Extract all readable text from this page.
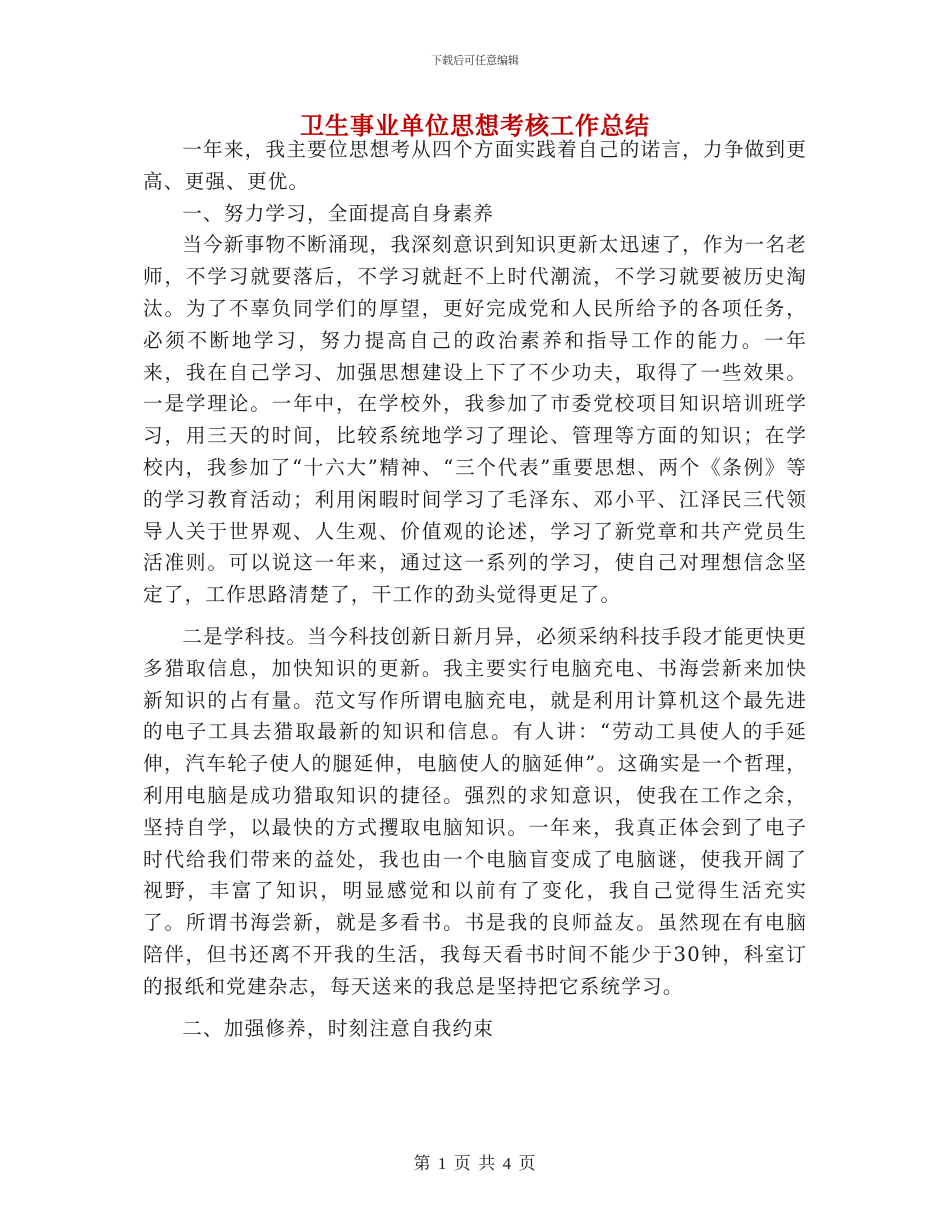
下载后可任意编辑
卫生事业单位思想考核工作总结

一年来，我主要位思想考从四个方面实践着自己的诺言，力争做到更高、更强、更优。

一、努力学习，全面提高自身素养

当今新事物不断涌现，我深刻意识到知识更新太迅速了，作为一名老师，不学习就要落后，不学习就赶不上时代潮流，不学习就要被历史淘汰。为了不辜负同学们的厚望，更好完成党和人民所给予的各项任务，必须不断地学习，努力提高自己的政治素养和指导工作的能力。一年来，我在自己学习、加强思想建设上下了不少功夫，取得了一些效果。一是学理论。一年中，在学校外，我参加了市委党校项目知识培训班学习，用三天的时间，比较系统地学习了理论、管理等方面的知识；在学校内，我参加了“十六大”精神、“三个代表”重要思想、两个《条例》等的学习教育活动；利用闲暇时间学习了毛泽东、邓小平、江泽民三代领导人关于世界观、人生观、价值观的论述，学习了新党章和共产党员生活准则。可以说这一年来，通过这一系列的学习，使自己对理想信念坚定了，工作思路清楚了，干工作的劲头觉得更足了。

二是学科技。当今科技创新日新月异，必须采纳科技手段才能更快更多猎取信息，加快知识的更新。我主要实行电脑充电、书海尝新来加快新知识的占有量。范文写作所谓电脑充电，就是利用计算机这个最先进的电子工具去猎取最新的知识和信息。有人讲：“劳动工具使人的手延伸，汽车轮子使人的腿延伸，电脑使人的脑延伸”。这确实是一个哲理，利用电脑是成功猎取知识的捷径。强烈的求知意识，使我在工作之余，坚持自学，以最快的方式攫取电脑知识。一年来，我真正体会到了电子时代给我们带来的益处，我也由一个电脑盲变成了电脑谜，使我开阔了视野，丰富了知识，明显感觉和以前有了变化，我自己觉得生活充实了。所谓书海尝新，就是多看书。书是我的良师益友。虽然现在有电脑陪伴，但书还离不开我的生活，我每天看书时间不能少于30钟，科室订的报纸和党建杂志，每天送来的我总是坚持把它系统学习。

二、加强修养，时刻注意自我约束

第 1 页 共 4 页
